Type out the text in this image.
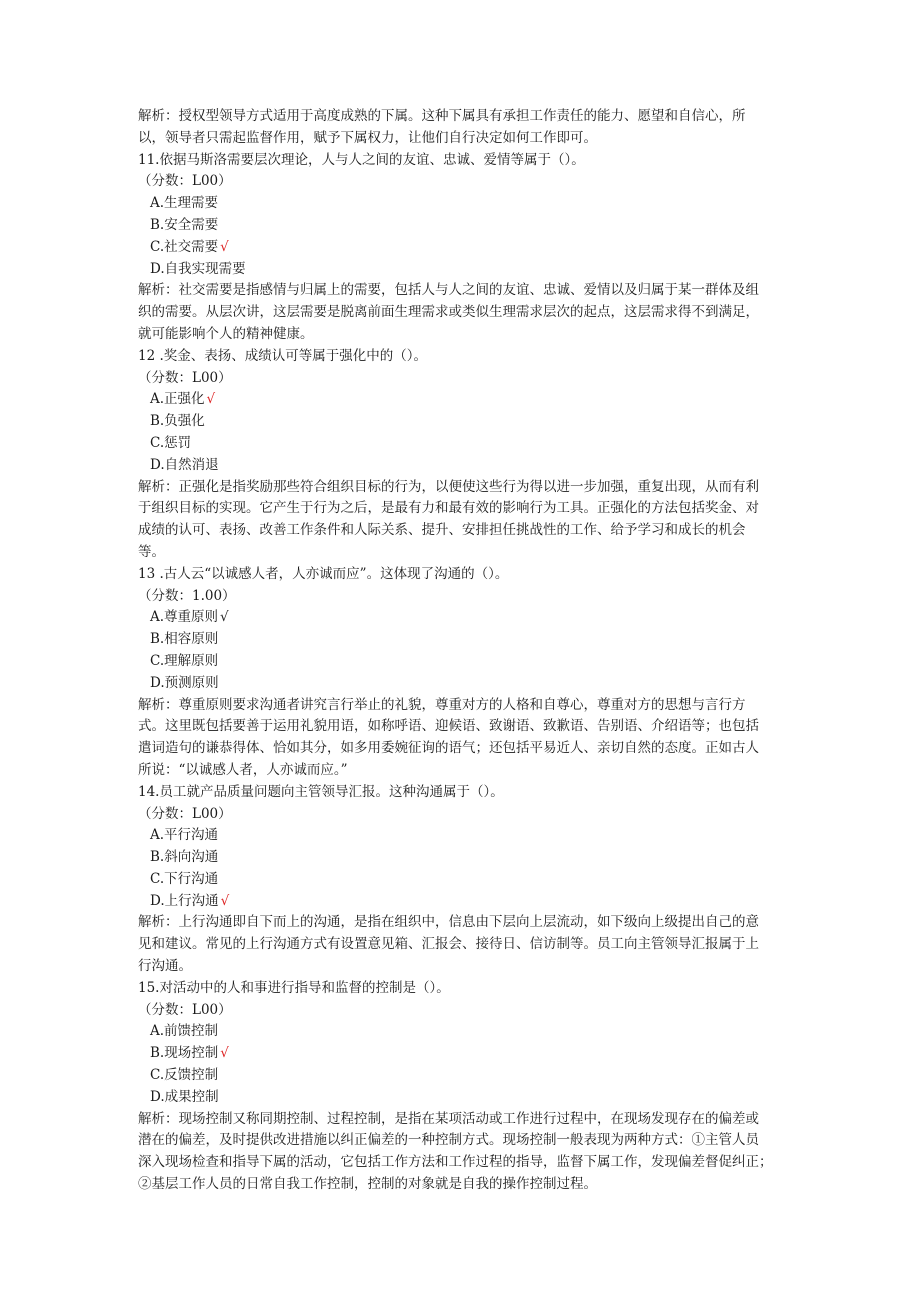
解析：授权型领导方式适用于高度成熟的下属。这种下属具有承担工作责任的能力、愿望和自信心，所
以，领导者只需起监督作用，赋予下属权力，让他们自行决定如何工作即可。
11.依据马斯洛需要层次理论，人与人之间的友谊、忠诚、爱情等属于（）。
（分数：L00）
A.生理需要
B.安全需要
C.社交需要 √
D.自我实现需要
解析：社交需要是指感情与归属上的需要，包括人与人之间的友谊、忠诚、爱情以及归属于某一群体及组
织的需要。从层次讲，这层需要是脱离前面生理需求或类似生理需求层次的起点，这层需求得不到满足，
就可能影响个人的精神健康。
12 .奖金、表扬、成绩认可等属于强化中的（）。
（分数：L00）
A.正强化 √
B.负强化
C.惩罚
D.自然消退
解析：正强化是指奖励那些符合组织目标的行为，以便使这些行为得以进一步加强，重复出现，从而有利
于组织目标的实现。它产生于行为之后，是最有力和最有效的影响行为工具。正强化的方法包括奖金、对
成绩的认可、表扬、改善工作条件和人际关系、提升、安排担任挑战性的工作、给予学习和成长的机会
等。
13 .古人云“以诚感人者，人亦诚而应”。这体现了沟通的（）。
（分数：1.00）
A.尊重原则 √
B.相容原则
C.理解原则
D.预测原则
解析：尊重原则要求沟通者讲究言行举止的礼貌，尊重对方的人格和自尊心，尊重对方的思想与言行方
式。这里既包括要善于运用礼貌用语，如称呼语、迎候语、致谢语、致歉语、告别语、介绍语等；也包括
遣词造句的谦恭得体、恰如其分，如多用委婉征询的语气；还包括平易近人、亲切自然的态度。正如古人
所说：“以诚感人者，人亦诚而应。”
14.员工就产品质量问题向主管领导汇报。这种沟通属于（）。
（分数：L00）
A.平行沟通
B.斜向沟通
C.下行沟通
D.上行沟通 √
解析：上行沟通即自下而上的沟通，是指在组织中，信息由下层向上层流动，如下级向上级提出自己的意
见和建议。常见的上行沟通方式有设置意见箱、汇报会、接待日、信访制等。员工向主管领导汇报属于上
行沟通。
15.对活动中的人和事进行指导和监督的控制是（）。
（分数：L00）
A.前馈控制
B.现场控制 √
C.反馈控制
D.成果控制
解析：现场控制又称同期控制、过程控制，是指在某项活动或工作进行过程中，在现场发现存在的偏差或
潜在的偏差，及时提供改进措施以纠正偏差的一种控制方式。现场控制一般表现为两种方式：①主管人员
深入现场检查和指导下属的活动，它包括工作方法和工作过程的指导，监督下属工作，发现偏差督促纠正；
②基层工作人员的日常自我工作控制，控制的对象就是自我的操作控制过程。
